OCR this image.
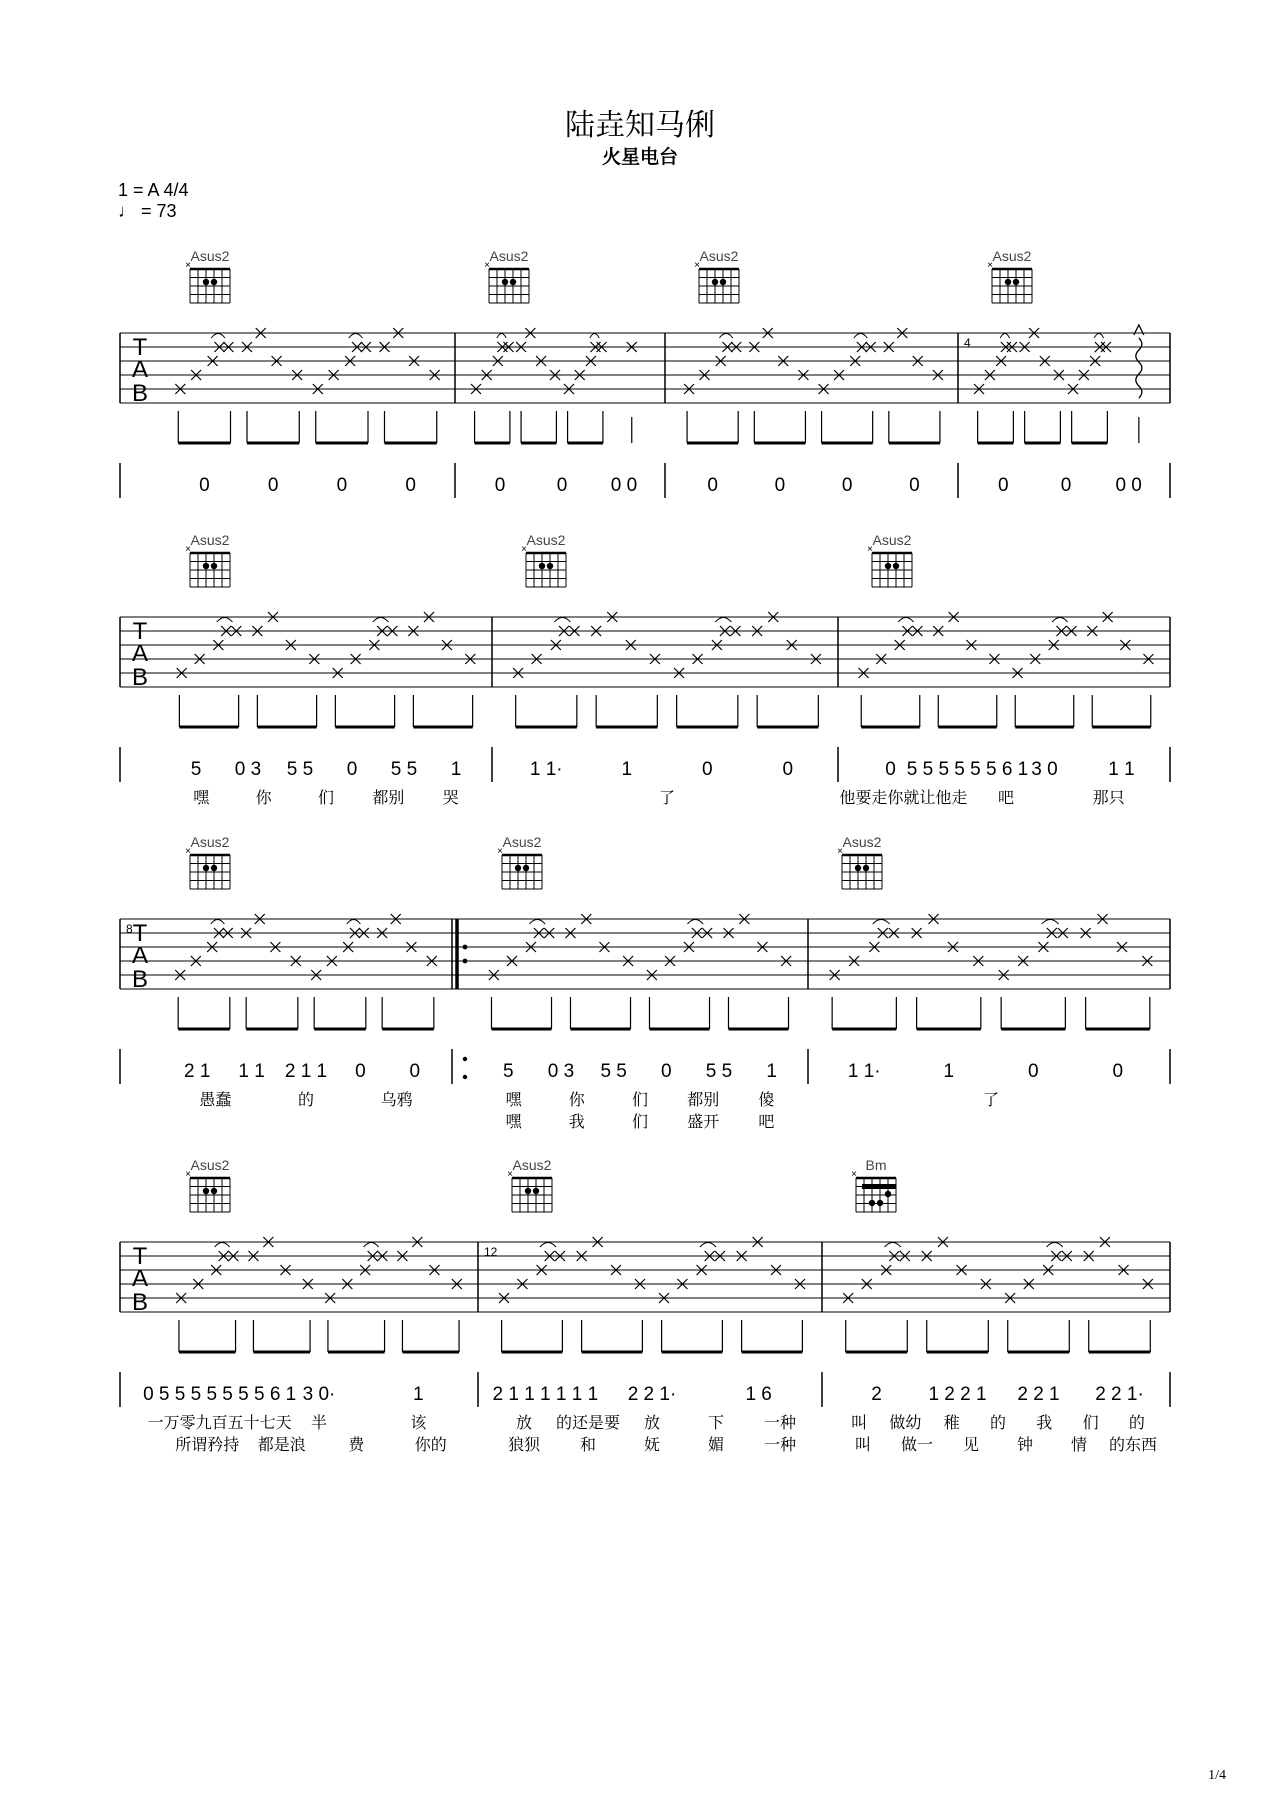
陆垚知马俐
火星电台
1 = A 4/4
♩ = 73
T
A
B
Asus2
×
0	0	0	0
Asus2
×
0	0 0 0
Asus2
×
0	0	0	0
Asus2
×
4
0	0 0 0
T
A
B
Asus2
×
5 0 3 5 5 0 5 5 1
嘿	你	们 都别 哭
Asus2
×
1 1·	1	0	0
了
Asus2
×
0 5 5 5 5 5 5 6 1 3 0	1 1
他要走你就让他走 吧	那只
T
A
B
Asus2
×
8
2 1 1 1 2 1 1 0 0
愚蠢	的	乌鸦
Asus2
×
5 0 3 5 5 0 5 5 1
嘿	你	们 都别 傻
嘿	我	们 盛开 吧
Asus2
×
1 1·	1	0	0
了
T
A
B
Asus2
×
0 5 5 5 5 5 5 5 6 1 3 0·	1
一万零九百五十七天 半	该
所谓矜持 都是浪	费	你的
Asus2
×
12
2 1 1 1 1 1 1 2 2 1·	1 6
放 的还是要 放	下 一种
狼狈 和	妩	媚 一种
Bm
×
2 1 2 2 1 2 2 1 2 2 1·
叫 做幼 稚 的 我 们 的
叫 做一 见 钟 情 的东西
1/4
